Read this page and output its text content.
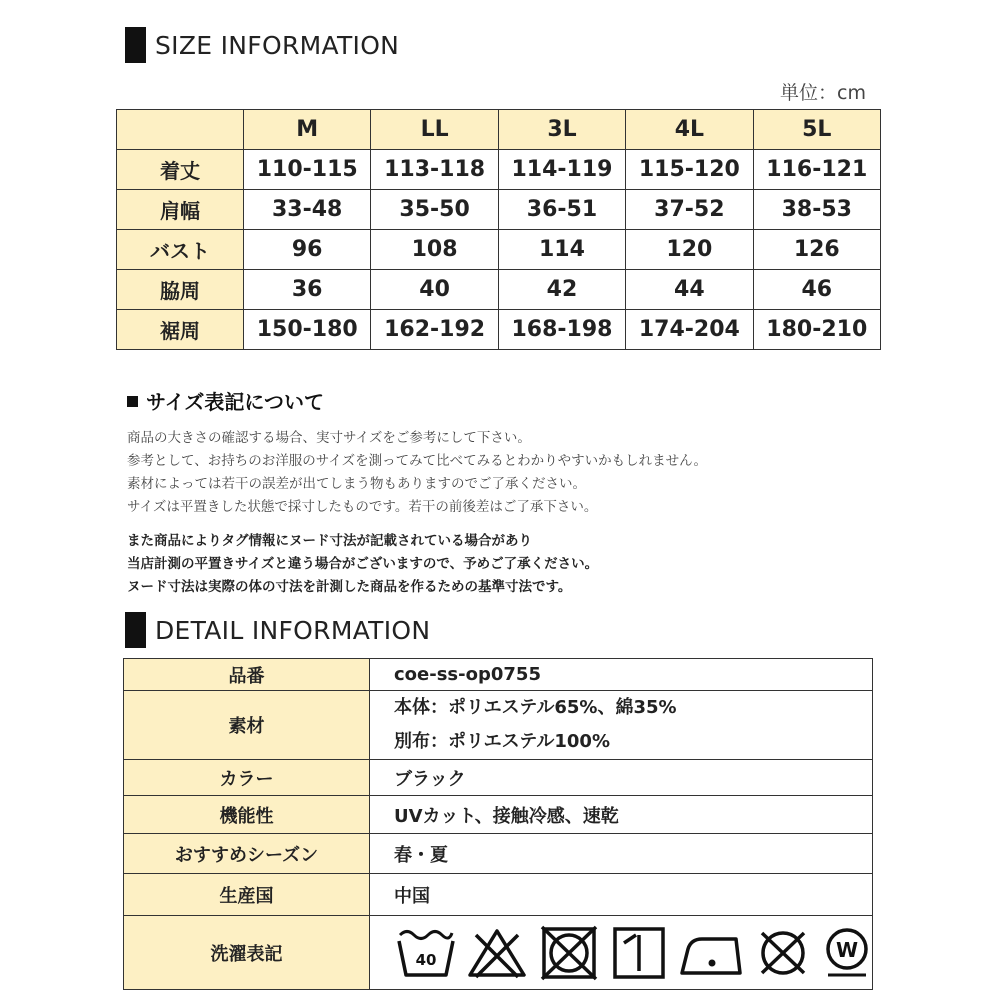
SIZE INFORMATION
単位：cm
	M	LL	3L	4L	5L
着丈	110-115	113-118	114-119	115-120	116-121
肩幅	33-48	35-50	36-51	37-52	38-53
バスト	96	108	114	120	126
脇周	36	40	42	44	46
裾周	150-180	162-192	168-198	174-204	180-210
サイズ表記について
商品の大きさの確認する場合、実寸サイズをご参考にして下さい。
参考として、お持ちのお洋服のサイズを測ってみて比べてみるとわかりやすいかもしれません。
素材によっては若干の誤差が出てしまう物もありますのでご了承ください。
サイズは平置きした状態で採寸したものです。若干の前後差はご了承下さい。
また商品によりタグ情報にヌード寸法が記載されている場合があり
当店計測の平置きサイズと違う場合がございますので、予めご了承ください。
ヌード寸法は実際の体の寸法を計測した商品を作るための基準寸法です。
DETAIL INFORMATION
品番	coe-ss-op0755
素材	本体：ポリエステル65%、綿35%
別布：ポリエステル100%

カラー	ブラック
機能性	UVカット、接触冷感、速乾
おすすめシーズン	春・夏
生産国	中国
洗濯表記	40 W
